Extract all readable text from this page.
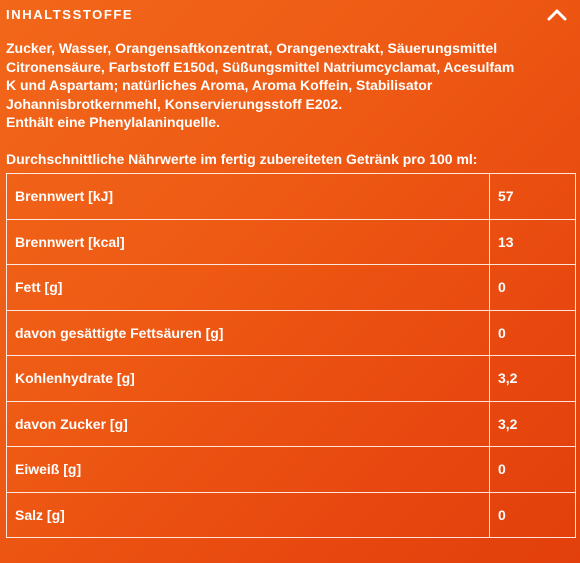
INHALTSSTOFFE
Zucker, Wasser, Orangensaftkonzentrat, Orangenextrakt, Säuerungsmittel
Citronensäure, Farbstoff E150d, Süßungsmittel Natriumcyclamat, Acesulfam
K und Aspartam; natürliches Aroma, Aroma Koffein, Stabilisator
Johannisbrotkernmehl, Konservierungsstoff E202.
Enthält eine Phenylalaninquelle.
Durchschnittliche Nährwerte im fertig zubereiteten Getränk pro 100 ml:
Brennwert [kJ]	57
Brennwert [kcal]	13
Fett [g]	0
davon gesättigte Fettsäuren [g]	0
Kohlenhydrate [g]	3,2
davon Zucker [g]	3,2
Eiweiß [g]	0
Salz [g]	0
